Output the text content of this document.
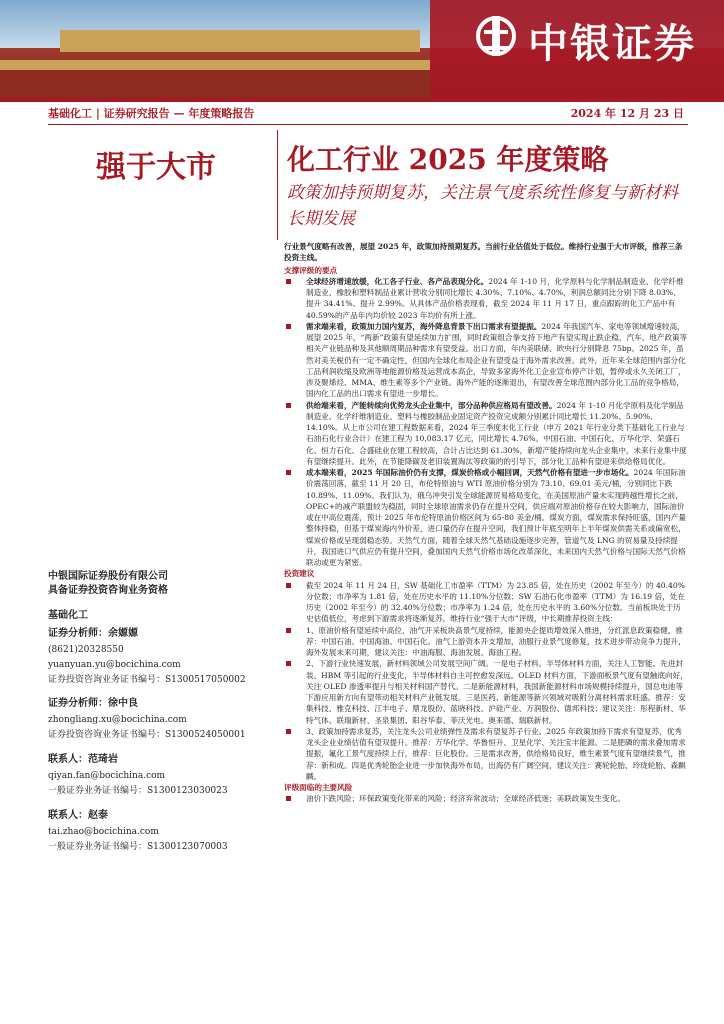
中银证券
基础化工 | 证券研究报告 — 年度策略报告	2024 年 12 月 23 日
强于大市	化工行业 2025 年度策略
政策加持预期复苏，关注景气度系统性修复与新材料长期发展
行业景气度略有改善，展望 2025 年，政策加持预期复苏。当前行业估值处于低位。维持行业强于大市评级，推荐三条投资主线。
支撑评级的要点
全球经济增速放缓，化工各子行业、各产品表现分化。2024 年 1-10 月，化学原料与化学制品制造业、化学纤维制造业、橡胶和塑料制品业累计营收分别同比增长 4.30%、7.10%、4.70%，利润总额同比分别下降 8.03%、提升 34.41%、提升 2.99%。从具体产品价格表现看，截至 2024 年 11 月 17 日，重点跟踪的化工产品中有 40.59%的产品年内均价较 2023 年均价有所上涨。
需求端来看，政策加力国内复苏，海外降息背景下出口需求有望提振。2024 年我国汽车、家电等领域增速较高，展望 2025 年，“两新”政策有望延续加力扩围，同时政策组合拳支持下地产有望实现止跌企稳，汽车、地产政策等相关产业链品种及其他顺周期品种需求有望受益。出口方面，年内美联储、欧央行分别降息 75bp。2025 年，虽然对美关税仍有一定不确定性，但国内全球化布局企业有望受益于海外需求改善。此外，近年来全球范围内部分化工品利润收缩及欧洲等地能源价格及运营成本高企，导致多家海外化工企业宣布停产计划，暂停或永久关闭工厂，涉及聚烯烃、MMA、维生素等多个产业链。海外产能的逐渐退出，有望改善全球范围内部分化工品的竞争格局，国内化工品的出口需求有望进一步增长。
供给端来看，产能转续向优势龙头企业集中，部分品种供应格局有望改善。2024 年 1-10 月化学原料及化学制品制造业、化学纤维制造业、塑料与橡胶制品业固定资产投资完成额分别累计同比增长 11.20%、5.90%、14.10%。从上市公司在建工程数据来看，2024 年三季度末化工行业（申万 2021 年行业分类下基础化工行业与石油石化行业合计）在建工程为 10,083.17 亿元，同比增长 4.76%。中国石油、中国石化、万华化学、荣盛石化、恒力石化、合盛硅业在建工程较高，合计占比达到 61.30%，新增产能持续向龙头企业集中，未来行业集中度有望继续提升。此外，在节能降碳及老旧装置淘汰等政策的的引导下，部分化工品种有望迎来供给格局优化。
成本端来看，2025 年国际油价仍有支撑，煤炭价格或小幅回调，天然气价格有望进一步市场化。2024 年国际油价震荡回落，截至 11 月 20 日，布伦特原油与 WTI 原油价格分别为 73.10、69.01 美元/桶，分别同比下跌 10.89%、11.09%。我们认为，俄乌冲突引发全球能源贸易格局变化，在美国原油产量未实现跨越性增长之前，OPEC+的减产联盟较为稳固，同时全球原油需求仍存在提升空间，供应端对原油价格存在较大影响力，国际油价或在中高位震荡，预计 2025 年布伦特原油价格区间为 65-80 美金/桶。煤炭方面，煤炭需求保持旺盛，国内产量整体持稳，但基于煤炭海内外价差，进口量仍存在提升空间，我们预计年底至明年上半年煤炭供需关系或偏宽松，煤炭价格或呈现弱稳态势。天然气方面，随着全球天然气基础设施逐步完善，管道气及 LNG 的贸易量及持续提升，我国进口气供应仍有提升空间，叠加国内天然气价格市场化改革深化，未来国内天然气价格与国际天然气价格联动或更为紧密。
投资建议
截至 2024 年 11 月 24 日，SW 基础化工市盈率（TTM）为 23.85 倍，处在历史（2002 年至今）的 40.40%分位数；市净率为 1.81 倍，处在历史水平的 11.10%分位数；SW 石油石化市盈率（TTM）为 16.19 倍，处在历史（2002 年至今）的 32.40%分位数；市净率为 1.24 倍，处在历史水平的 3.60%分位数。当前板块处于历史估值低位，考虑到下游需求将逐渐复苏，维持行业“强于大市”评级，中长期推荐投资主线：
1、原油价格有望延续中高位，油气开采板块高景气度持续，能源央企提质增效深入推进，分红派息政策稳健，推荐：中国石油、中国海油、中国石化。油气上游资本开支增加，油服行业景气度修复，技术进步带动竞争力提升，海外发展未来可期，建议关注：中油海服、海油发展、海油工程。
2、下游行业快速发展，新材料领域公司发展空间广阔。一是电子材料。半导体材料方面，关注人工智能、先进封装、HBM 等引起的行业变化，半导体材料自主可控愈发深远。OLED 材料方面，下游面板景气度有望触底向好，关注 OLED 渗透率提升与相关材料国产替代。二是新能源材料，我国新能源材料市场规模持续提升，国总电池等下游应用新方向有望带动相关材料产业链发展。三是医药、新能源等新兴领域对吸附分离材料需求旺盛。推荐：安集科技、雅克科技、江丰电子、鼎龙股份、蓝晓科技、沪硅产业、万润股份、德邦科技；建议关注：彤程新材、华特气体、联瑞新材、圣泉集团、阳谷华泰、菲沃光电、奥来德、瑞联新材。
3、政策加持需求复苏，关注龙头公司业绩弹性及需求有望复苏子行业。2025 年政策加持下需求有望复苏，优秀龙头企业业绩估值有望双提升。推荐：万华化学、华鲁恒升、卫星化学、关注宝丰能源。二是肥磷的需求叠加需求提振，氟化工景气度持续上行，推荐：巨化股份。三是需求改善，供给格局良好，维生素景气度有望继续景气，推荐：新和成。四是优秀轮胎企业进一步加快海外布局，出海仍有广阔空间，建议关注：赛轮轮胎、玲珑轮胎、森麒麟。
评级面临的主要风险
油价下跌风险；环保政策变化带来的风险；经济弃常波动；全球经济低迷；美联政策发生变化。
中银国际证券股份有限公司
具备证券投资咨询业务资格
基础化工
证券分析师：余嫄嫄
(8621)20328550
yuanyuan.yu@bocichina.com
证券投资咨询业务证书编号：S1300517050002
证券分析师：徐中良
zhongliang.xu@bocichina.com
证券投资咨询业务证书编号：S1300524050001
联系人：范琦岩
qiyan.fan@bocichina.com
一般证券业务证书编号：S1300123030023
联系人：赵泰
tai.zhao@bocichina.com
一般证券业务证书编号：S1300123070003
